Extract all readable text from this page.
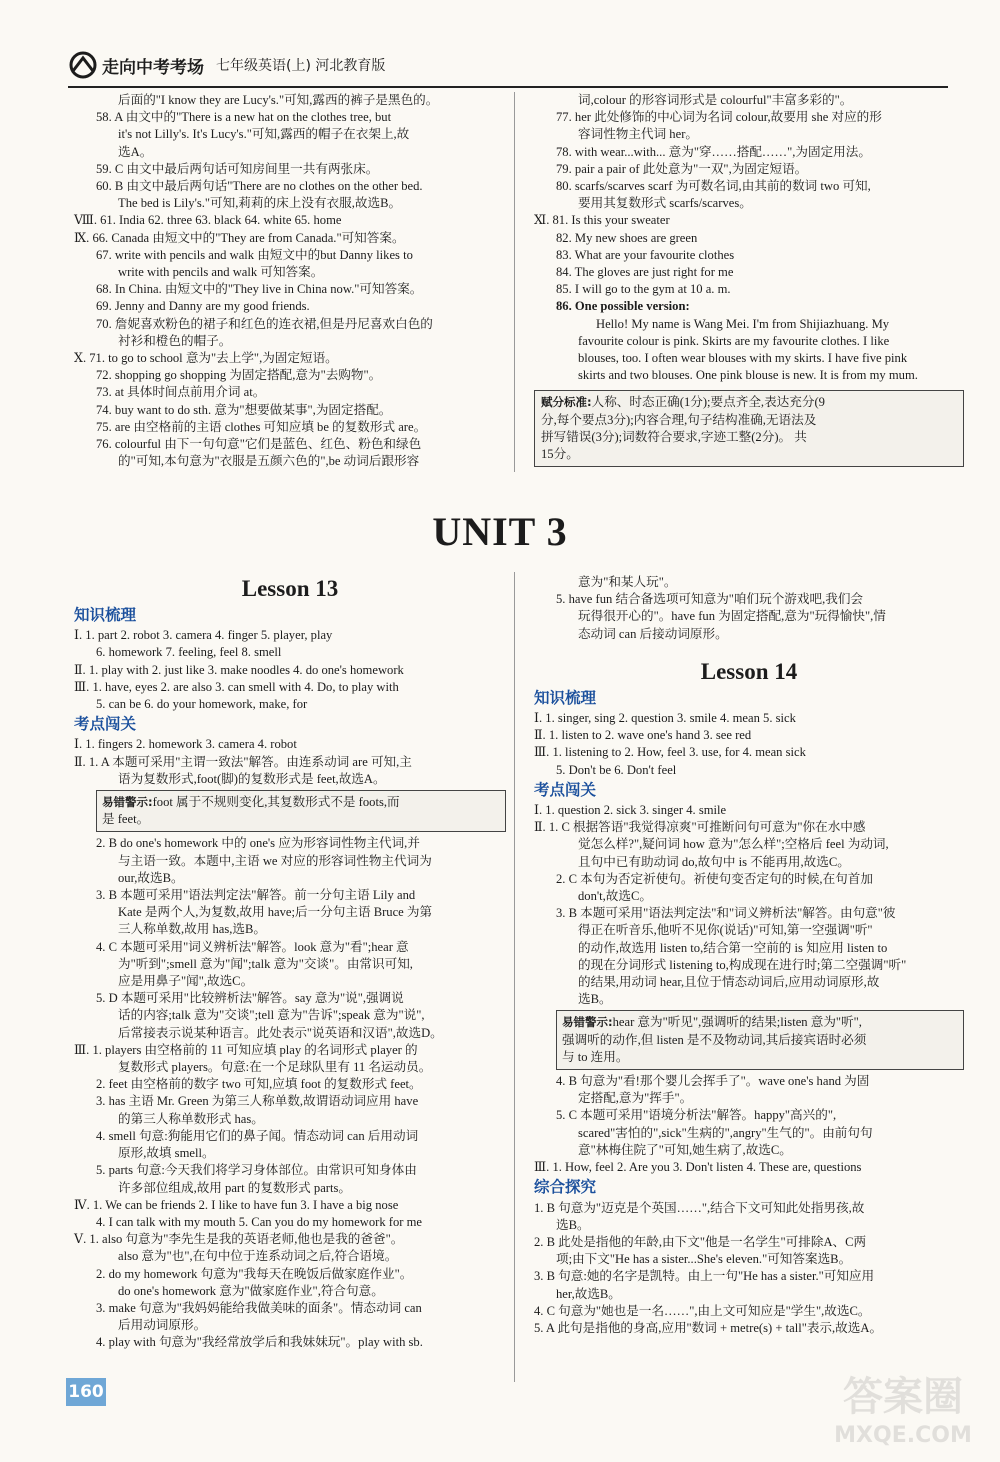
走向中考考场 七年级英语(上) 河北教育版
后面的"I know they are Lucy's."可知,露西的裤子是黑色的。
58. A 由文中的"There is a new hat on the clothes tree, but
it's not Lilly's. It's Lucy's."可知,露西的帽子在衣架上,故
选A。
59. C 由文中最后两句话可知房间里一共有两张床。
60. B 由文中最后两句话"There are no clothes on the other bed.
The bed is Lily's."可知,莉莉的床上没有衣服,故选B。
Ⅷ. 61. India 62. three 63. black 64. white 65. home
Ⅸ. 66. Canada 由短文中的"They are from Canada."可知答案。
67. write with pencils and walk 由短文中的but Danny likes to
write with pencils and walk 可知答案。
68. In China. 由短文中的"They live in China now."可知答案。
69. Jenny and Danny are my good friends.
70. 詹妮喜欢粉色的裙子和红色的连衣裙,但是丹尼喜欢白色的
衬衫和橙色的帽子。
Ⅹ. 71. to go to school 意为"去上学",为固定短语。
72. shopping go shopping 为固定搭配,意为"去购物"。
73. at 具体时间点前用介词 at。
74. buy want to do sth. 意为"想要做某事",为固定搭配。
75. are 由空格前的主语 clothes 可知应填 be 的复数形式 are。
76. colourful 由下一句句意"它们是蓝色、红色、粉色和绿色
的"可知,本句意为"衣服是五颜六色的",be 动词后跟形容
词,colour 的形容词形式是 colourful"丰富多彩的"。
77. her 此处修饰的中心词为名词 colour,故要用 she 对应的形
容词性物主代词 her。
78. with wear...with... 意为"穿……搭配……",为固定用法。
79. pair a pair of 此处意为"一双",为固定短语。
80. scarfs/scarves scarf 为可数名词,由其前的数词 two 可知,
要用其复数形式 scarfs/scarves。
Ⅺ. 81. Is this your sweater
82. My new shoes are green
83. What are your favourite clothes
84. The gloves are just right for me
85. I will go to the gym at 10 a. m.
86. One possible version:
Hello! My name is Wang Mei. I'm from Shijiazhuang. My
favourite colour is pink. Skirts are my favourite clothes. I like
blouses, too. I often wear blouses with my skirts. I have five pink
skirts and two blouses. One pink blouse is new. It is from my mum.
赋分标准:人称、时态正确(1分);要点齐全,表达充分(9
分,每个要点3分);内容合理,句子结构准确,无语法及
拼写错误(3分);词数符合要求,字迹工整(2分)。 共
15分。
UNIT 3
Lesson 13
知识梳理
Ⅰ. 1. part 2. robot 3. camera 4. finger 5. player, play
6. homework 7. feeling, feel 8. smell
Ⅱ. 1. play with 2. just like 3. make noodles 4. do one's homework
Ⅲ. 1. have, eyes 2. are also 3. can smell with 4. Do, to play with
5. can be 6. do your homework, make, for
考点闯关
Ⅰ. 1. fingers 2. homework 3. camera 4. robot
Ⅱ. 1. A 本题可采用"主谓一致法"解答。由连系动词 are 可知,主
语为复数形式,foot(脚)的复数形式是 feet,故选A。
易错警示:foot 属于不规则变化,其复数形式不是 foots,而
是 feet。
2. B do one's homework 中的 one's 应为形容词性物主代词,并
与主语一致。本题中,主语 we 对应的形容词性物主代词为
our,故选B。
3. B 本题可采用"语法判定法"解答。前一分句主语 Lily and
Kate 是两个人,为复数,故用 have;后一分句主语 Bruce 为第
三人称单数,故用 has,选B。
4. C 本题可采用"词义辨析法"解答。look 意为"看";hear 意
为"听到";smell 意为"闻";talk 意为"交谈"。由常识可知,
应是用鼻子"闻",故选C。
5. D 本题可采用"比较辨析法"解答。say 意为"说",强调说
话的内容;talk 意为"交谈";tell 意为"告诉";speak 意为"说",
后常接表示说某种语言。此处表示"说英语和汉语",故选D。
Ⅲ. 1. players 由空格前的 11 可知应填 play 的名词形式 player 的
复数形式 players。句意:在一个足球队里有 11 名运动员。
2. feet 由空格前的数字 two 可知,应填 foot 的复数形式 feet。
3. has 主语 Mr. Green 为第三人称单数,故谓语动词应用 have
的第三人称单数形式 has。
4. smell 句意:狗能用它们的鼻子闻。情态动词 can 后用动词
原形,故填 smell。
5. parts 句意:今天我们将学习身体部位。由常识可知身体由
许多部位组成,故用 part 的复数形式 parts。
Ⅳ. 1. We can be friends 2. I like to have fun 3. I have a big nose
4. I can talk with my mouth 5. Can you do my homework for me
Ⅴ. 1. also 句意为"李先生是我的英语老师,他也是我的爸爸"。
also 意为"也",在句中位于连系动词之后,符合语境。
2. do my homework 句意为"我每天在晚饭后做家庭作业"。
do one's homework 意为"做家庭作业",符合句意。
3. make 句意为"我妈妈能给我做美味的面条"。情态动词 can
后用动词原形。
4. play with 句意为"我经常放学后和我妹妹玩"。play with sb.
意为"和某人玩"。
5. have fun 结合备选项可知意为"咱们玩个游戏吧,我们会
玩得很开心的"。have fun 为固定搭配,意为"玩得愉快",情
态动词 can 后接动词原形。
Lesson 14
知识梳理
Ⅰ. 1. singer, sing 2. question 3. smile 4. mean 5. sick
Ⅱ. 1. listen to 2. wave one's hand 3. see red
Ⅲ. 1. listening to 2. How, feel 3. use, for 4. mean sick
5. Don't be 6. Don't feel
考点闯关
Ⅰ. 1. question 2. sick 3. singer 4. smile
Ⅱ. 1. C 根据答语"我觉得凉爽"可推断问句可意为"你在水中感
觉怎么样?",疑问词 how 意为"怎么样";空格后 feel 为动词,
且句中已有助动词 do,故句中 is 不能再用,故选C。
2. C 本句为否定祈使句。祈使句变否定句的时候,在句首加
don't,故选C。
3. B 本题可采用"语法判定法"和"词义辨析法"解答。由句意"彼
得正在听音乐,他听不见你(说话)"可知,第一空强调"听"
的动作,故选用 listen to,结合第一空前的 is 知应用 listen to
的现在分词形式 listening to,构成现在进行时;第二空强调"听"
的结果,用动词 hear,且位于情态动词后,应用动词原形,故
选B。
易错警示:hear 意为"听见",强调听的结果;listen 意为"听",
强调听的动作,但 listen 是不及物动词,其后接宾语时必须
与 to 连用。
4. B 句意为"看!那个婴儿会挥手了"。wave one's hand 为固
定搭配,意为"挥手"。
5. C 本题可采用"语境分析法"解答。happy"高兴的",
scared"害怕的",sick"生病的",angry"生气的"。由前句句
意"林梅住院了"可知,她生病了,故选C。
Ⅲ. 1. How, feel 2. Are you 3. Don't listen 4. These are, questions
综合探究
1. B 句意为"迈克是个英国……",结合下文可知此处指男孩,故
选B。
2. B 此处是指他的年龄,由下文"他是一名学生"可排除A、C两
项;由下文"He has a sister...She's eleven."可知答案选B。
3. B 句意:她的名字是凯特。由上一句"He has a sister."可知应用
her,故选B。
4. C 句意为"她也是一名……",由上文可知应是"学生",故选C。
5. A 此句是指他的身高,应用"数词 + metre(s) + tall"表示,故选A。
160	答案圈
MXQE.COM
